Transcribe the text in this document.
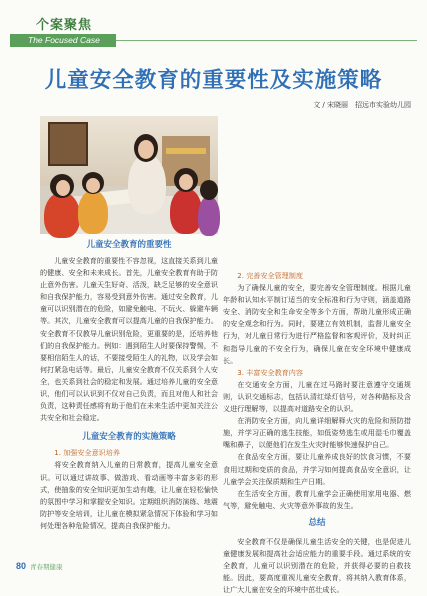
个案聚焦
The Focused Case
儿童安全教育的重要性及实施策略
文 / 宋晓丽　招远市实验幼儿园
儿童安全教育的重要性

儿童安全教育的重要性不容忽视，这直接关系到儿童的健康、安全和未来成长。首先，儿童安全教育有助于防止意外伤害。儿童天生好奇、活泼，缺乏足够的安全意识和自我保护能力，容易受到意外伤害。通过安全教育，儿童可以识别潜在的危险，如避免触电、不玩火、躲避车辆等。其次，儿童安全教育可以提高儿童的自我保护能力。安全教育不仅教导儿童识别危险，更重要的是，还培养他们的自我保护能力。例如：遇到陌生人时要保持警惕，不要相信陌生人的话，不要接受陌生人的礼物，以及学会如何打紧急电话等。最后，儿童安全教育不仅关系到个人安全，也关系到社会的稳定和发展。通过培养儿童的安全意识，他们可以认识到不仅对自己负责，而且对他人和社会负责，这种责任感将有助于他们在未来生活中更加关注公共安全和社会稳定。

儿童安全教育的实施策略
1. 加强安全意识培养

将安全教育纳入儿童的日常教育，提高儿童安全意识。可以通过讲故事、做游戏、看动画等丰富多彩的形式，使抽象的安全知识更加生动有趣，让儿童在轻松愉快的氛围中学习和掌握安全知识。定期组织消防演练、地震防护等安全培训，让儿童在模拟紧急情况下体验和学习如何处理各种危险情况，提高自我保护能力。

2. 完善安全管理制度

为了确保儿童的安全，要完善安全管理制度。根据儿童年龄和认知水平制订适当的安全标准和行为守则，涵盖道路安全、消防安全和生命安全等多个方面，帮助儿童形成正确的安全观念和行为。同时，要建立有效机制，监督儿童安全行为，对儿童日常行为进行严格监督和客观评价，及时纠正和指导儿童的不安全行为，确保儿童在安全环境中健康成长。

3. 丰富安全教育内容

在交通安全方面，儿童在过马路时要注意遵守交通规则，认识交通标志，包括认清红绿灯信号，对各种路标及含义进行理解等，以提高对道路安全的认识。

在消防安全方面，向儿童详细解释火灾的危险和预防措施，并学习正确的逃生技能，如低姿势逃生或用湿毛巾覆盖嘴和鼻子，以便他们在发生火灾时能够快速保护自己。

在食品安全方面，要让儿童养成良好的饮食习惯，不要食用过期和变质的食品，并学习如何提高食品安全意识，让儿童学会关注保质期和生产日期。

在生活安全方面，教育儿童学会正确使用家用电器、燃气等，避免触电、火灾等意外事故的发生。

总结

安全教育不仅是确保儿童生活安全的关键，也是促进儿童健康发展和提高社会适应能力的重要手段。通过系统的安全教育，儿童可以识别潜在的危险，并获得必要的自救技能。因此，要高度重视儿童安全教育，将其纳入教育体系，让广大儿童在安全的环境中茁壮成长。

80 青春期健康
